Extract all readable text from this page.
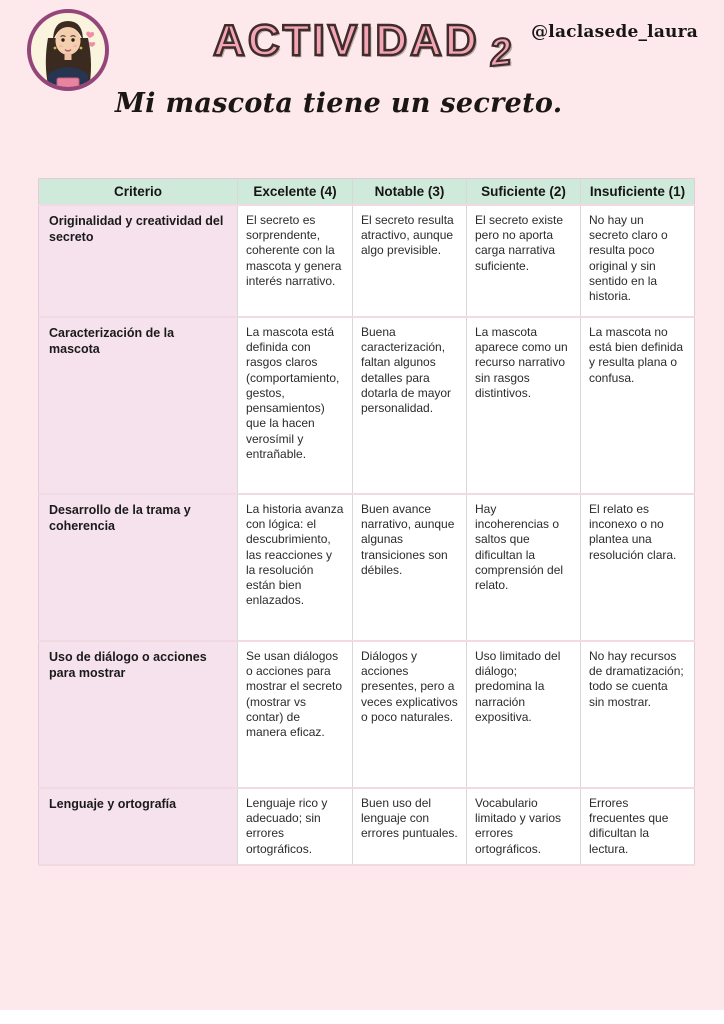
ACTIVIDAD 2 @laclasede_laura
Mi mascota tiene un secreto.
Criterio	Excelente (4)	Notable (3)	Suficiente (2)	Insuficiente (1)
Originalidad y creatividad del secreto	El secreto es sorprendente, coherente con la mascota y genera interés narrativo.	El secreto resulta atractivo, aunque algo previsible.	El secreto existe pero no aporta carga narrativa suficiente.	No hay un secreto claro o resulta poco original y sin sentido en la historia.
Caracterización de la mascota	La mascota está definida con rasgos claros (comportamiento, gestos, pensamientos) que la hacen verosímil y entrañable.	Buena caracterización, faltan algunos detalles para dotarla de mayor personalidad.	La mascota aparece como un recurso narrativo sin rasgos distintivos.	La mascota no está bien definida y resulta plana o confusa.
Desarrollo de la trama y coherencia	La historia avanza con lógica: el descubrimiento, las reacciones y la resolución están bien enlazados.	Buen avance narrativo, aunque algunas transiciones son débiles.	Hay incoherencias o saltos que dificultan la comprensión del relato.	El relato es inconexo o no plantea una resolución clara.
Uso de diálogo o acciones para mostrar	Se usan diálogos o acciones para mostrar el secreto (mostrar vs contar) de manera eficaz.	Diálogos y acciones presentes, pero a veces explicativos o poco naturales.	Uso limitado del diálogo; predomina la narración expositiva.	No hay recursos de dramatización; todo se cuenta sin mostrar.
Lenguaje y ortografía	Lenguaje rico y adecuado; sin errores ortográficos.	Buen uso del lenguaje con errores puntuales.	Vocabulario limitado y varios errores ortográficos.	Errores frecuentes que dificultan la lectura.
